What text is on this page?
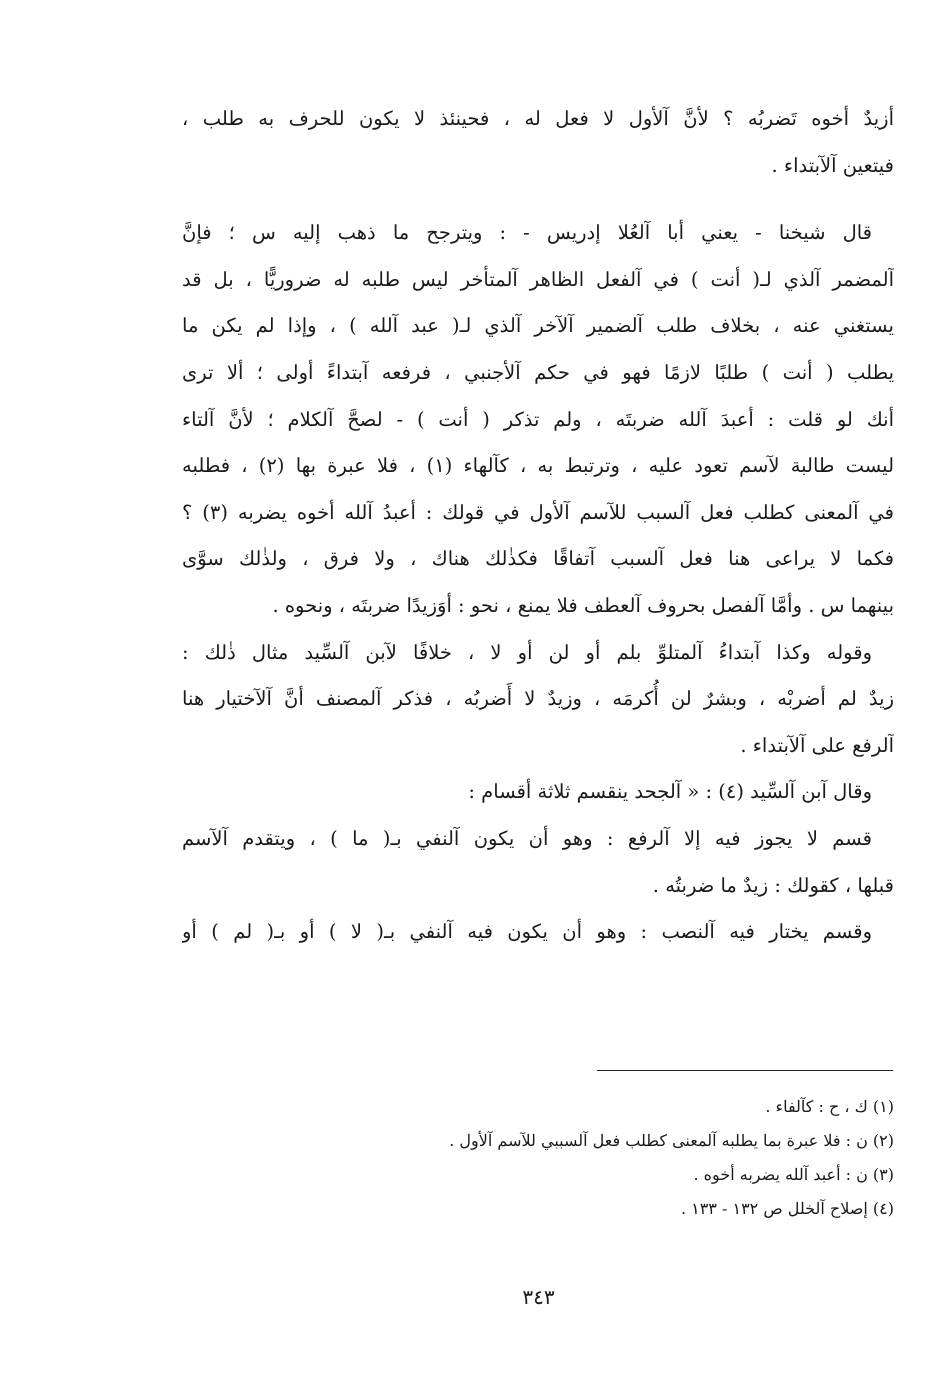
أزيدٌ أخوه تَضربُه ؟ لأنَّ آلأول لا فعل له ، فحينئذ لا يكون للحرف به طلب ،
فيتعين آلآبتداء .
قال شيخنا - يعني أبا آلعُلا إدريس - : ويترجح ما ذهب إليه س ؛ فإنَّ
آلمضمر آلذي لـ( أنت ) في آلفعل الظاهر آلمتأخر ليس طلبه له ضروريًّا ، بل قد
يستغني عنه ، بخلاف طلب آلضمير آلآخر آلذي لـ( عبد آلله ) ، وإذا لم يكن ما
يطلب ( أنت ) طلبًا لازمًا فهو في حكم آلأجنبي ، فرفعه آبتداءً أولى ؛ ألا ترى
أنك لو قلت : أعبدَ آلله ضربتَه ، ولم تذكر ( أنت ) - لصحَّ آلكلام ؛ لأنَّ آلتاء
ليست طالبة لآسم تعود عليه ، وترتبط به ، كآلهاء (١) ، فلا عبرة بها (٢) ، فطلبه
في آلمعنى كطلب فعل آلسبب للآسم آلأول في قولك : أعبدُ آلله أخوه يضربه (٣) ؟
فكما لا يراعى هنا فعل آلسبب آتفاقًا فكذٰلك هناك ، ولا فرق ، ولذٰلك سوَّى
بينهما س . وأمَّا آلفصل بحروف آلعطف فلا يمنع ، نحو : أوَزيدًا ضربتَه ، ونحوه .
وقوله وكذا آبتداءُ آلمتلوِّ بلم أو لن أو لا ، خلافًا لآبن آلسِّيد مثال ذٰلك :
زيدٌ لم أضربْه ، وبشرٌ لن أُكرمَه ، وزيدٌ لا أَضربُه ، فذكر آلمصنف أنَّ آلآختيار هنا
آلرفع على آلآبتداء .
وقال آبن آلسِّيد (٤) : « آلجحد ينقسم ثلاثة أقسام :
قسم لا يجوز فيه إلا آلرفع : وهو أن يكون آلنفي بـ( ما ) ، ويتقدم آلآسم
قبلها ، كقولك : زيدٌ ما ضربتُه .
وقسم يختار فيه آلنصب : وهو أن يكون فيه آلنفي بـ( لا ) أو بـ( لم ) أو
(١) ك ، ح : كآلفاء .
(٢) ن : فلا عبرة بما يطلبه آلمعنى كطلب فعل آلسببي للآسم آلأول .
(٣) ن : أعبد آلله يضربه أخوه .
(٤) إصلاح آلخلل ص ١٣٢ - ١٣٣ .
٣٤٣
